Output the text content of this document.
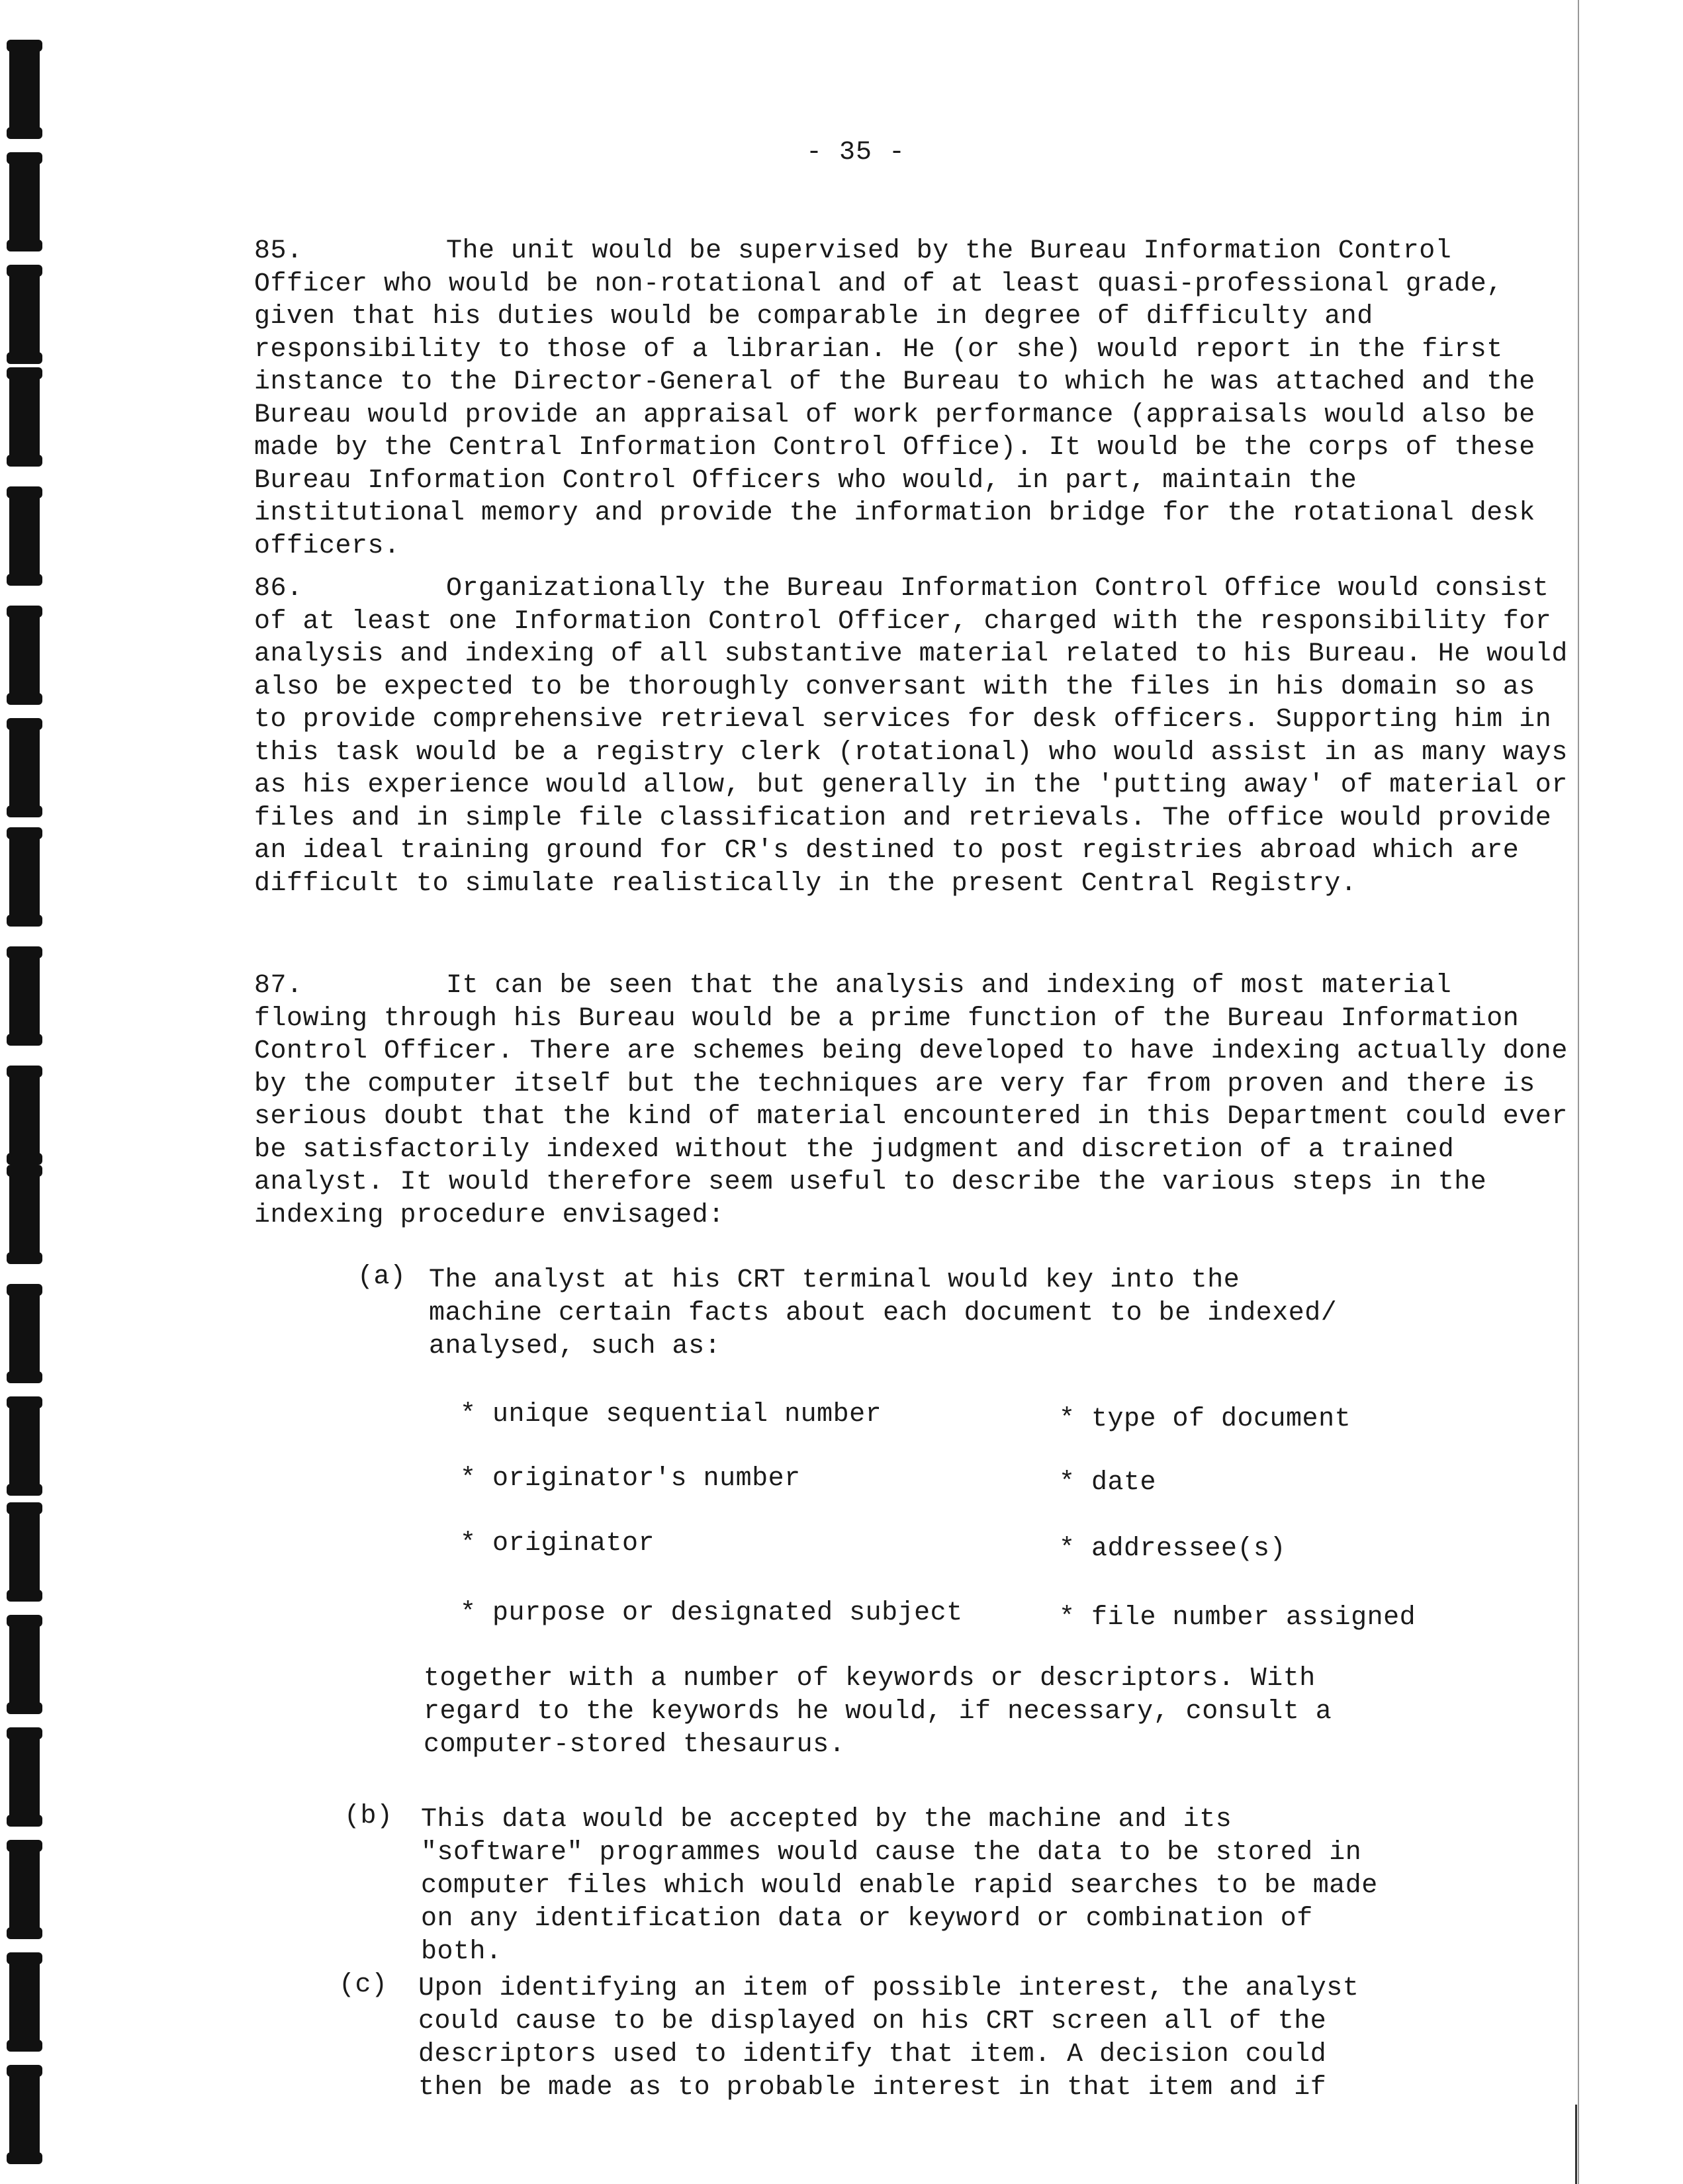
- 35 -
85.	The unit would be supervised by the Bureau Information Control Officer who would be non-rotational and of at least quasi-professional grade, given that his duties would be comparable in degree of difficulty and responsibility to those of a librarian. He (or she) would report in the first instance to the Director-General of the Bureau to which he was attached and the Bureau would provide an appraisal of work performance (appraisals would also be made by the Central Information Control Office). It would be the corps of these Bureau Information Control Officers who would, in part, maintain the institutional memory and provide the information bridge for the rotational desk officers.
86.	Organizationally the Bureau Information Control Office would consist of at least one Information Control Officer, charged with the responsibility for analysis and indexing of all substantive material related to his Bureau. He would also be expected to be thoroughly conversant with the files in his domain so as to provide comprehensive retrieval services for desk officers. Supporting him in this task would be a registry clerk (rotational) who would assist in as many ways as his experience would allow, but generally in the 'putting away' of material or files and in simple file classification and retrievals. The office would provide an ideal training ground for CR's destined to post registries abroad which are difficult to simulate realistically in the present Central Registry.
87.	It can be seen that the analysis and indexing of most material flowing through his Bureau would be a prime function of the Bureau Information Control Officer. There are schemes being developed to have indexing actually done by the computer itself but the techniques are very far from proven and there is serious doubt that the kind of material encountered in this Department could ever be satisfactorily indexed without the judgment and discretion of a trained analyst. It would therefore seem useful to describe the various steps in the indexing procedure envisaged:
(a) The analyst at his CRT terminal would key into the machine certain facts about each document to be indexed/ analysed, such as:
* unique sequential number
* originator's number
* originator
* purpose or designated subject
* type of document
* date
* addressee(s)
* file number assigned
together with a number of keywords or descriptors. With regard to the keywords he would, if necessary, consult a computer-stored thesaurus.
(b) This data would be accepted by the machine and its "software" programmes would cause the data to be stored in computer files which would enable rapid searches to be made on any identification data or keyword or combination of both.
(c) Upon identifying an item of possible interest, the analyst could cause to be displayed on his CRT screen all of the descriptors used to identify that item. A decision could then be made as to probable interest in that item and if
